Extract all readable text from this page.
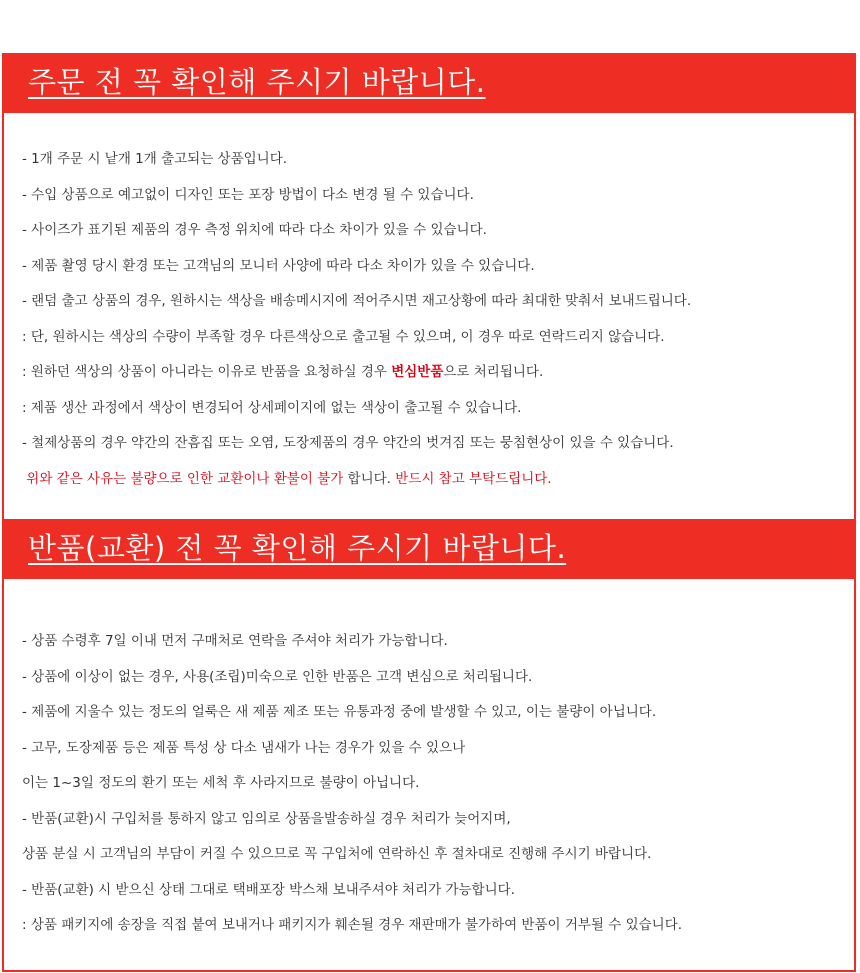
주문 전 꼭 확인해 주시기 바랍니다.
- 1개 주문 시 낱개 1개 출고되는 상품입니다.
- 수입 상품으로 예고없이 디자인 또는 포장 방법이 다소 변경 될 수 있습니다.
- 사이즈가 표기된 제품의 경우 측정 위치에 따라 다소 차이가 있을 수 있습니다.
- 제품 촬영 당시 환경 또는 고객님의 모니터 사양에 따라 다소 차이가 있을 수 있습니다.
- 랜덤 출고 상품의 경우, 원하시는 색상을 배송메시지에 적어주시면 재고상황에 따라 최대한 맞춰서 보내드립니다.
: 단, 원하시는 색상의 수량이 부족할 경우 다른색상으로 출고될 수 있으며, 이 경우 따로 연락드리지 않습니다.
: 원하던 색상의 상품이 아니라는 이유로 반품을 요청하실 경우 변심반품으로 처리됩니다.
: 제품 생산 과정에서 색상이 변경되어 상세페이지에 없는 색상이 출고될 수 있습니다.
- 철제상품의 경우 약간의 잔흠집 또는 오염, 도장제품의 경우 약간의 벗겨짐 또는 뭉침현상이 있을 수 있습니다.
위와 같은 사유는 불량으로 인한 교환이나 환불이 불가 합니다. 반드시 참고 부탁드립니다.
반품(교환) 전 꼭 확인해 주시기 바랍니다.
- 상품 수령후 7일 이내 먼저 구매처로 연락을 주셔야 처리가 가능합니다.
- 상품에 이상이 없는 경우, 사용(조립)미숙으로 인한 반품은 고객 변심으로 처리됩니다.
- 제품에 지울수 있는 정도의 얼룩은 새 제품 제조 또는 유통과정 중에 발생할 수 있고, 이는 불량이 아닙니다.
- 고무, 도장제품 등은 제품 특성 상 다소 냄새가 나는 경우가 있을 수 있으나
이는 1~3일 정도의 환기 또는 세척 후 사라지므로 불량이 아닙니다.
- 반품(교환)시 구입처를 통하지 않고 임의로 상품을발송하실 경우 처리가 늦어지며,
상품 분실 시 고객님의 부담이 커질 수 있으므로 꼭 구입처에 연락하신 후 절차대로 진행해 주시기 바랍니다.
- 반품(교환) 시 받으신 상태 그대로 택배포장 박스채 보내주셔야 처리가 가능합니다.
: 상품 패키지에 송장을 직접 붙여 보내거나 패키지가 훼손될 경우 재판매가 불가하여 반품이 거부될 수 있습니다.
